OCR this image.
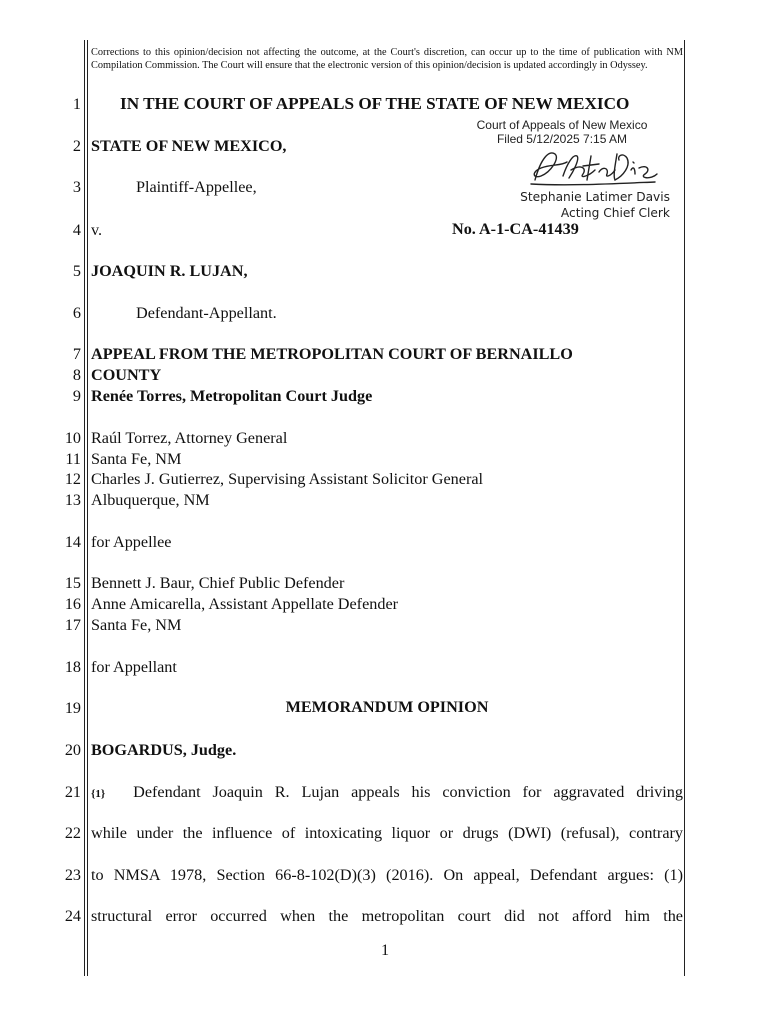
Corrections to this opinion/decision not affecting the outcome, at the Court's discretion, can occur up to the time of publication with NM Compilation Commission. The Court will ensure that the electronic version of this opinion/decision is updated accordingly in Odyssey.
1
2
3
4
5
6
7
8
9
10
11
12
13
14
15
16
17
18
19
20
21
22
23
24
IN THE COURT OF APPEALS OF THE STATE OF NEW MEXICO
Court of Appeals of New Mexico
Filed 5/12/2025 7:15 AM
Stephanie Latimer Davis
Acting Chief Clerk
STATE OF NEW MEXICO,
Plaintiff-Appellee,
v.	No. A-1-CA-41439
JOAQUIN R. LUJAN,
Defendant-Appellant.
APPEAL FROM THE METROPOLITAN COURT OF BERNAILLO
COUNTY
Renée Torres, Metropolitan Court Judge
Raúl Torrez, Attorney General
Santa Fe, NM
Charles J. Gutierrez, Supervising Assistant Solicitor General
Albuquerque, NM
for Appellee
Bennett J. Baur, Chief Public Defender
Anne Amicarella, Assistant Appellate Defender
Santa Fe, NM
for Appellant
MEMORANDUM OPINION
BOGARDUS, Judge.
{1} Defendant Joaquin R. Lujan appeals his conviction for aggravated driving
while under the influence of intoxicating liquor or drugs (DWI) (refusal), contrary
to NMSA 1978, Section 66-8-102(D)(3) (2016). On appeal, Defendant argues: (1)
structural error occurred when the metropolitan court did not afford him the
1
